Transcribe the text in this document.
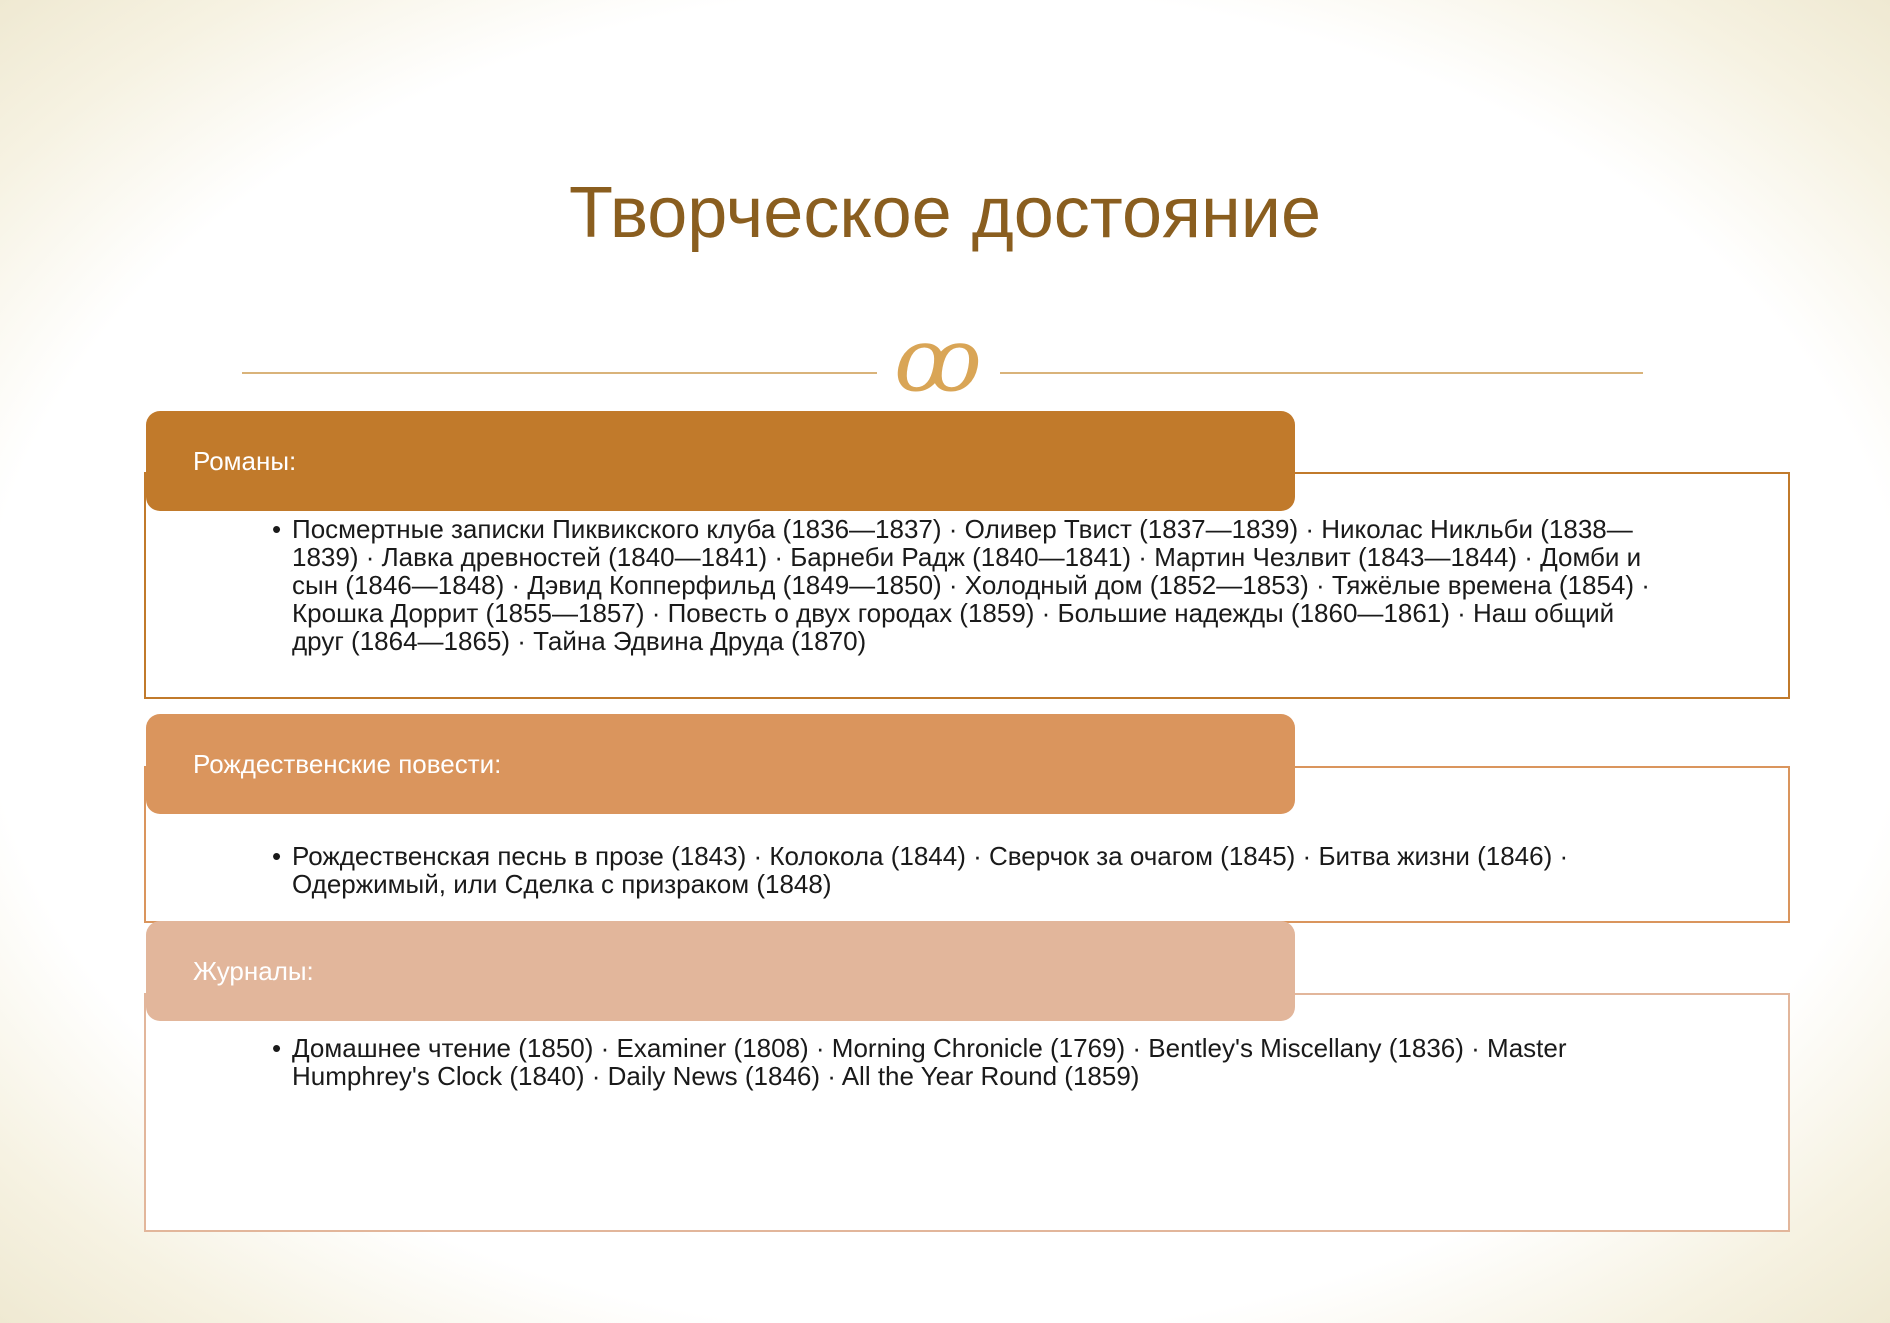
Творческое достояние
ꝏ
Романы:
• Посмертные записки Пиквикского клуба (1836—1837) · Оливер Твист (1837—1839) · Николас Никльби (1838—1839) · Лавка древностей (1840—1841) · Барнеби Радж (1840—1841) · Мартин Чезлвит (1843—1844) · Домби и сын (1846—1848) · Дэвид Копперфильд (1849—1850) · Холодный дом (1852—1853) · Тяжёлые времена (1854) · Крошка Доррит (1855—1857) · Повесть о двух городах (1859) · Большие надежды (1860—1861) · Наш общий друг (1864—1865) · Тайна Эдвина Друда (1870)
Рождественские повести:
• Рождественская песнь в прозе (1843) · Колокола (1844) · Сверчок за очагом (1845) · Битва жизни (1846) · Одержимый, или Сделка с призраком (1848)
Журналы:
• Домашнее чтение (1850) · Examiner (1808) · Morning Chronicle (1769) · Bentley's Miscellany (1836) · Master Humphrey's Clock (1840) · Daily News (1846) · All the Year Round (1859)
